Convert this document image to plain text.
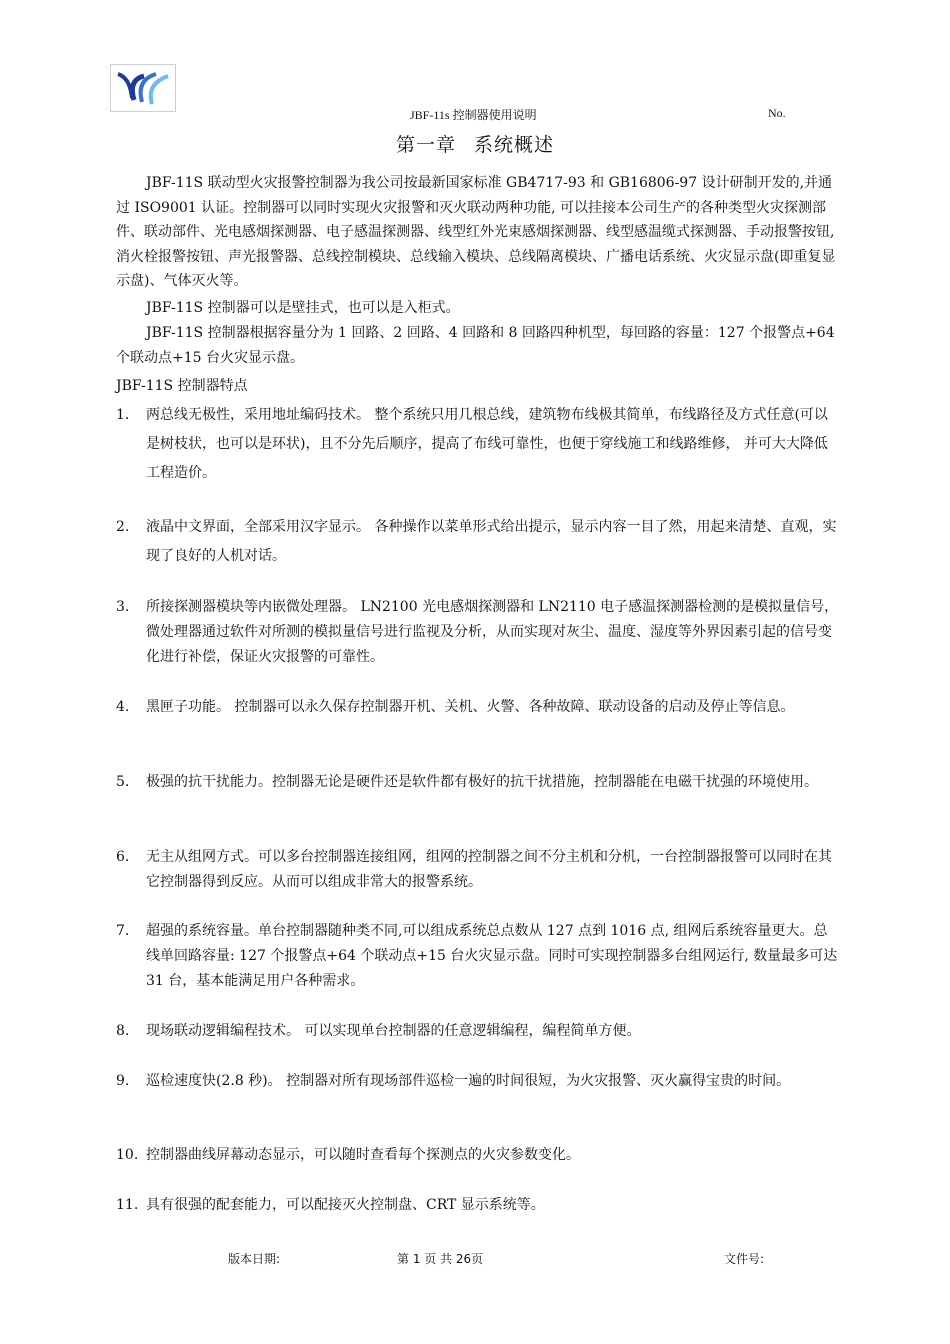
JBF-11s 控制器使用说明	No.
第一章 系统概述
JBF-11S 联动型火灾报警控制器为我公司按最新国家标准 GB4717-93 和 GB16806-97 设计研制开发的,并通过 ISO9001 认证。控制器可以同时实现火灾报警和灭火联动两种功能, 可以挂接本公司生产的各种类型火灾探测部件、联动部件、光电感烟探测器、电子感温探测器、线型红外光束感烟探测器、线型感温缆式探测器、手动报警按钮, 消火栓报警按钮、声光报警器、总线控制模块、总线输入模块、总线隔离模块、广播电话系统、火灾显示盘(即重复显示盘)、气体灭火等。
JBF-11S 控制器可以是壁挂式，也可以是入柜式。
JBF-11S 控制器根据容量分为 1 回路、2 回路、4 回路和 8 回路四种机型，每回路的容量：127 个报警点+64 个联动点+15 台火灾显示盘。
JBF-11S 控制器特点
1. 两总线无极性，采用地址编码技术。 整个系统只用几根总线，建筑物布线极其简单，布线路径及方式任意(可以是树枝状，也可以是环状)，且不分先后顺序，提高了布线可靠性，也便于穿线施工和线路维修， 并可大大降低工程造价。
2. 液晶中文界面，全部采用汉字显示。 各种操作以菜单形式给出提示，显示内容一目了然，用起来清楚、直观，实现了良好的人机对话。
3. 所接探测器模块等内嵌微处理器。 LN2100 光电感烟探测器和 LN2110 电子感温探测器检测的是模拟量信号，微处理器通过软件对所测的模拟量信号进行监视及分析，从而实现对灰尘、温度、湿度等外界因素引起的信号变化进行补偿，保证火灾报警的可靠性。
4. 黑匣子功能。 控制器可以永久保存控制器开机、关机、火警、各种故障、联动设备的启动及停止等信息。
5. 极强的抗干扰能力。控制器无论是硬件还是软件都有极好的抗干扰措施，控制器能在电磁干扰强的环境使用。
6. 无主从组网方式。可以多台控制器连接组网，组网的控制器之间不分主机和分机，一台控制器报警可以同时在其它控制器得到反应。从而可以组成非常大的报警系统。
7. 超强的系统容量。单台控制器随种类不同,可以组成系统总点数从 127 点到 1016 点, 组网后系统容量更大。总线单回路容量: 127 个报警点+64 个联动点+15 台火灾显示盘。同时可实现控制器多台组网运行, 数量最多可达 31 台，基本能满足用户各种需求。
8. 现场联动逻辑编程技术。 可以实现单台控制器的任意逻辑编程，编程简单方便。
9. 巡检速度快(2.8 秒)。 控制器对所有现场部件巡检一遍的时间很短，为火灾报警、灭火赢得宝贵的时间。
10. 控制器曲线屏幕动态显示，可以随时查看每个探测点的火灾参数变化。
11. 具有很强的配套能力，可以配接灭火控制盘、CRT 显示系统等。
版本日期:	第 1 页 共 26页	文件号:
